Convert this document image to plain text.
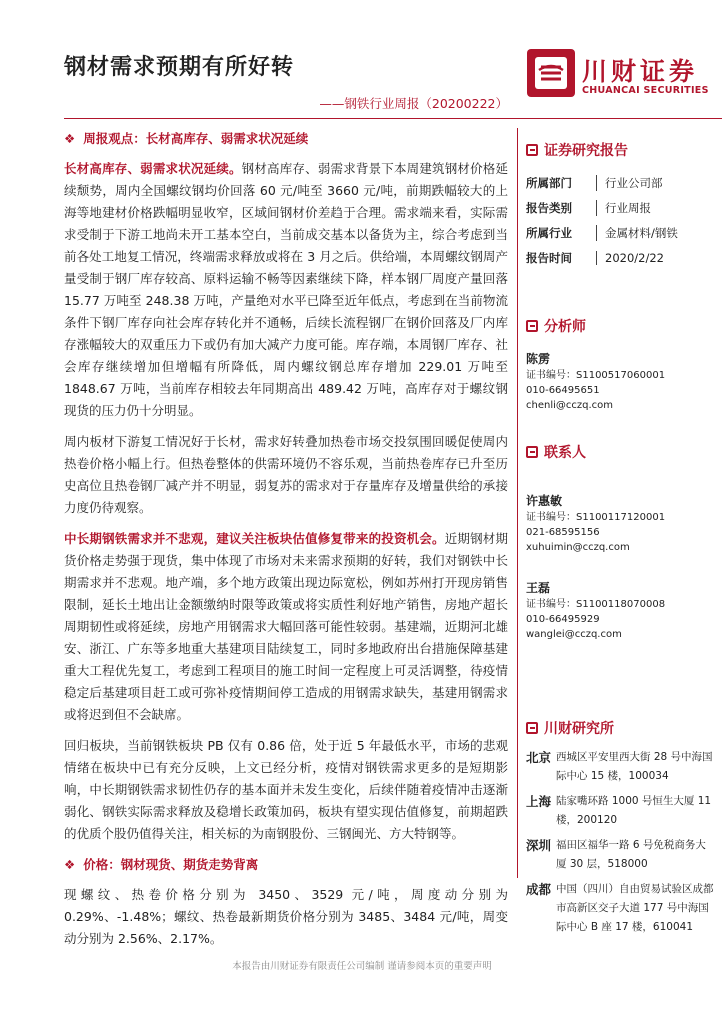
钢材需求预期有所好转
——钢铁行业周报（20200222）
川财证券
CHUANCAI SECURITIES
❖ 周报观点：长材高库存、弱需求状况延续

长材高库存、弱需求状况延续。钢材高库存、弱需求背景下本周建筑钢材价格延续颓势，周内全国螺纹钢均价回落 60 元/吨至 3660 元/吨，前期跌幅较大的上海等地建材价格跌幅明显收窄，区域间钢材价差趋于合理。需求端来看，实际需求受制于下游工地尚未开工基本空白，当前成交基本以备货为主，综合考虑到当前各处工地复工情况，终端需求释放或将在 3 月之后。供给端，本周螺纹钢周产量受制于钢厂库存较高、原料运输不畅等因素继续下降，样本钢厂周度产量回落 15.77 万吨至 248.38 万吨，产量绝对水平已降至近年低点，考虑到在当前物流条件下钢厂库存向社会库存转化并不通畅，后续长流程钢厂在钢价回落及厂内库存涨幅较大的双重压力下或仍有加大减产力度可能。库存端，本周钢厂库存、社会库存继续增加但增幅有所降低，周内螺纹钢总库存增加 229.01 万吨至 1848.67 万吨，当前库存相较去年同期高出 489.42 万吨，高库存对于螺纹钢现货的压力仍十分明显。

周内板材下游复工情况好于长材，需求好转叠加热卷市场交投氛围回暖促使周内热卷价格小幅上行。但热卷整体的供需环境仍不容乐观，当前热卷库存已升至历史高位且热卷钢厂减产并不明显，弱复苏的需求对于存量库存及增量供给的承接力度仍待观察。

中长期钢铁需求并不悲观，建议关注板块估值修复带来的投资机会。近期钢材期货价格走势强于现货，集中体现了市场对未来需求预期的好转，我们对钢铁中长期需求并不悲观。地产端，多个地方政策出现边际宽松，例如苏州打开现房销售限制，延长土地出让金额缴纳时限等政策或将实质性利好地产销售，房地产超长周期韧性或将延续，房地产用钢需求大幅回落可能性较弱。基建端，近期河北雄安、浙江、广东等多地重大基建项目陆续复工，同时多地政府出台措施保障基建重大工程优先复工，考虑到工程项目的施工时间一定程度上可灵活调整，待疫情稳定后基建项目赶工或可弥补疫情期间停工造成的用钢需求缺失，基建用钢需求或将迟到但不会缺席。

回归板块，当前钢铁板块 PB 仅有 0.86 倍，处于近 5 年最低水平，市场的悲观情绪在板块中已有充分反映，上文已经分析，疫情对钢铁需求更多的是短期影响，中长期钢铁需求韧性仍存的基本面并未发生变化，后续伴随着疫情冲击逐渐弱化、钢铁实际需求释放及稳增长政策加码，板块有望实现估值修复，前期超跌的优质个股仍值得关注，相关标的为南钢股份、三钢闽光、方大特钢等。

❖ 价格：钢材现货、期货走势背离

现螺纹、热卷价格分别为 3450、3529 元/吨，周度动分别为 0.29%、-1.48%；螺纹、热卷最新期货价格分别为 3485、3484 元/吨，周变动分别为 2.56%、2.17%。

证券研究报告
所属部门	行业公司部
报告类别	行业周报
所属行业	金属材料/钢铁
报告时间	2020/2/22
分析师
陈雳
证书编号：S1100517060001
010-66495651
chenli@cczq.com
联系人
许惠敏
证书编号：S1100117120001
021-68595156
xuhuimin@cczq.com
王磊
证书编号：S1100118070008
010-66495929
wanglei@cczq.com
川财研究所
北京 西城区平安里西大街 28 号中海国际中心 15 楼，100034
上海 陆家嘴环路 1000 号恒生大厦 11 楼，200120
深圳 福田区福华一路 6 号免税商务大厦 30 层，518000
成都 中国（四川）自由贸易试验区成都市高新区交子大道 177 号中海国际中心 B 座 17 楼，610041
本报告由川财证券有限责任公司编制 谨请参阅本页的重要声明
